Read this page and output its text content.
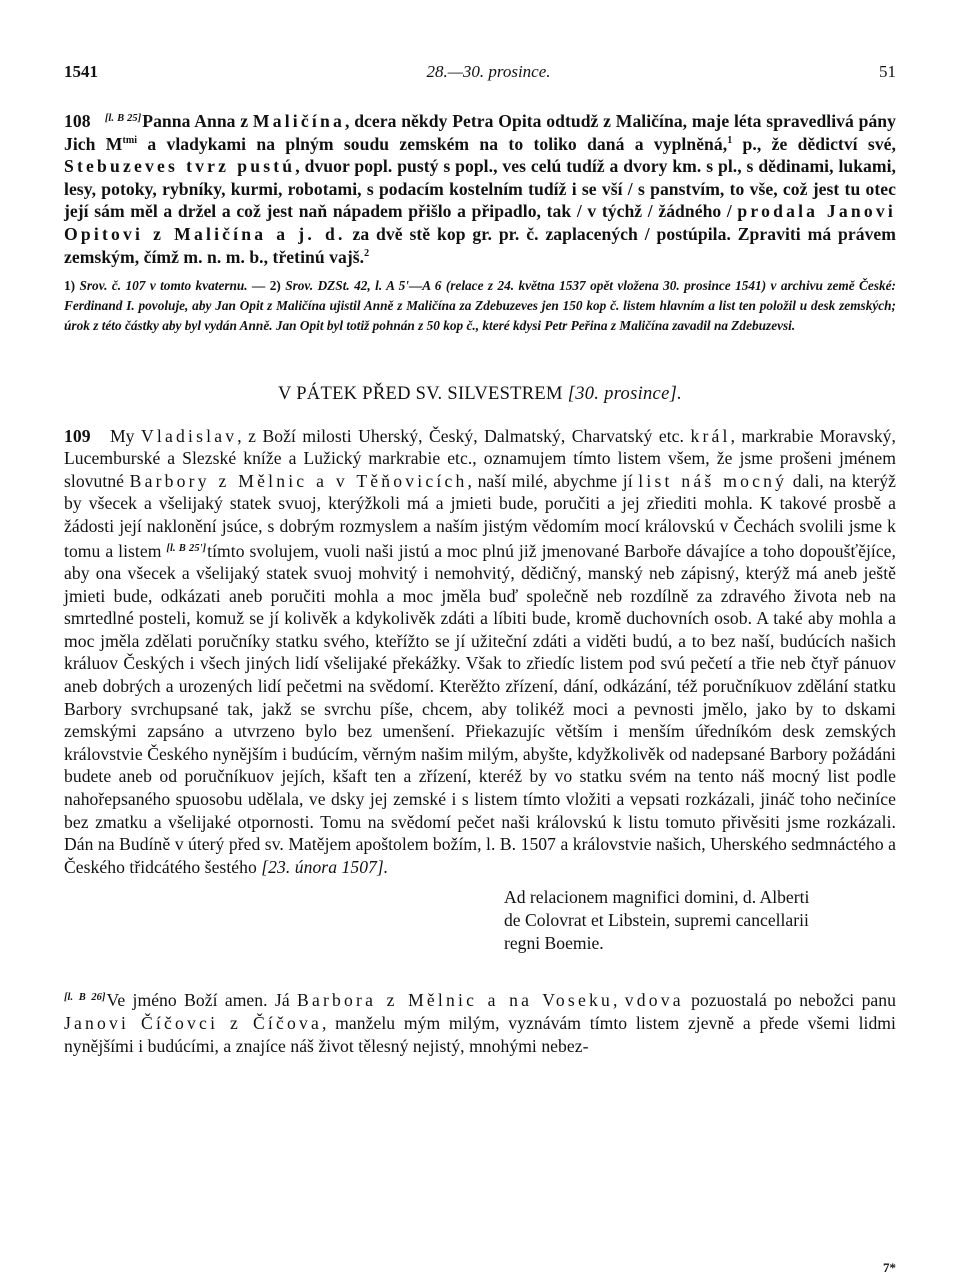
1541	28.—30. prosince.	51

108 [l. B 25]Panna Anna z Maličína, dcera někdy Petra Opita odtudž z Maličína, maje léta spravedlivá pány Jich $M^{tmi}$ a vladykami na plným soudu zemském na to toliko daná a vyplněná,$^1$ p., že dědictví své, Stebuzeves tvrz pustú, dvuor popl. pustý s popl., ves celú tudíž a dvory km. s pl., s dědinami, lukami, lesy, potoky, rybníky, kurmi, robotami, s podacím kostelním tudíž i se vší / s panstvím, to vše, což jest tu otec její sám měl a držel a což jest naň nápadem přišlo a připadlo, tak / v týchž / žádného / prodala Janovi Opitovi z Maličína a j. d. za dvě stě kop gr. pr. č. zaplacených / postúpila. Zpraviti má právem zemským, čímž m. n. m. b., třetinú vajš.$^2$

1) Srov. č. 107 v tomto kvaternu. — 2) Srov. DZSt. 42, l. A 5'—A 6 (relace z 24. května 1537 opět vložena 30. prosince 1541) v archivu země České: Ferdinand I. povoluje, aby Jan Opit z Maličína ujistil Anně z Maličína za Zdebuzeves jen 150 kop č. listem hlavním a list ten položil u desk zemských; úrok z této částky aby byl vydán Anně. Jan Opit byl totiž pohnán z 50 kop č., které kdysi Petr Peřina z Maličína zavadil na Zdebuzevsi.

V PÁTEK PŘED SV. SILVESTREM [30. prosince].

109 My Vladislav, z Boží milosti Uherský, Český, Dalmatský, Charvatský etc. král, markrabie Moravský, Lucemburské a Slezské kníže a Lužický markrabie etc., oznamujem tímto listem všem, že jsme prošeni jménem slovutné Barbory z Mělnic a v Těňovicích, naší milé, abychme jí list náš mocný dali, na kterýž by všecek a všelijaký statek svuoj, kterýžkoli má a jmieti bude, poručiti a jej zřiediti mohla. K takové prosbě a žádosti její naklonění jsúce, s dobrým rozmyslem a naším jistým vědomím mocí královskú v Čechách svolili jsme k tomu a listem [l. B 25']tímto svolujem, vuoli naši jistú a moc plnú již jmenované Barboře dávajíce a toho dopoušťějíce, aby ona všecek a všelijaký statek svuoj mohvitý i nemohvitý, dědičný, manský neb zápisný, kterýž má aneb ještě jmieti bude, odkázati aneb poručiti mohla a moc jměla buď společně neb rozdílně za zdravého života neb na smrtedlné posteli, komuž se jí kolivěk a kdykolivěk zdáti a líbiti bude, kromě duchovních osob. A také aby mohla a moc jměla zdělati poručníky statku svého, kteřížto se jí užiteční zdáti a viděti budú, a to bez naší, budúcích našich králuov Českých i všech jiných lidí všelijaké překážky. Však to zřiedíc listem pod svú pečetí a třie neb čtyř pánuov aneb dobrých a urozených lidí pečetmi na svědomí. Kterěžto zřízení, dání, odkázání, též poručníkuov zdělání statku Barbory svrchupsané tak, jakž se svrchu píše, chcem, aby tolikéž moci a pevnosti jmělo, jako by to dskami zemskými zapsáno a utvrzeno bylo bez umenšení. Přiekazujíc větším i menším úředníkóm desk zemských královstvie Českého nynějším i budúcím, věrným našim milým, abyšte, kdyžkolivěk od nadepsané Barbory požádáni budete aneb od poručníkuov jejích, kšaft ten a zřízení, kteréž by vo statku svém na tento náš mocný list podle nahořepsaného spuosobu udělala, ve dsky jej zemské i s listem tímto vložiti a vepsati rozkázali, jináč toho nečiníce bez zmatku a všelijaké otpornosti. Tomu na svědomí pečet naši královskú k listu tomuto přivěsiti jsme rozkázali. Dán na Budíně v úterý před sv. Matějem apoštolem božím, l. B. 1507 a královstvie našich, Uherského sedmnáctého a Českého třidcátého šestého [23. února 1507].

Ad relacionem magnifici domini, d. Alberti
de Colovrat et Libstein, supremi cancellarii
regni Boemie.

[l. B 26]Ve jméno Boží amen. Já Barbora z Mělnic a na Voseku, vdova pozuostalá po nebožci panu Janovi Číčovci z Číčova, manželu mým milým, vyznávám tímto listem zjevně a přede všemi lidmi nynějšími i budúcími, a znajíce náš život tělesný nejistý, mnohými nebez-

7*
